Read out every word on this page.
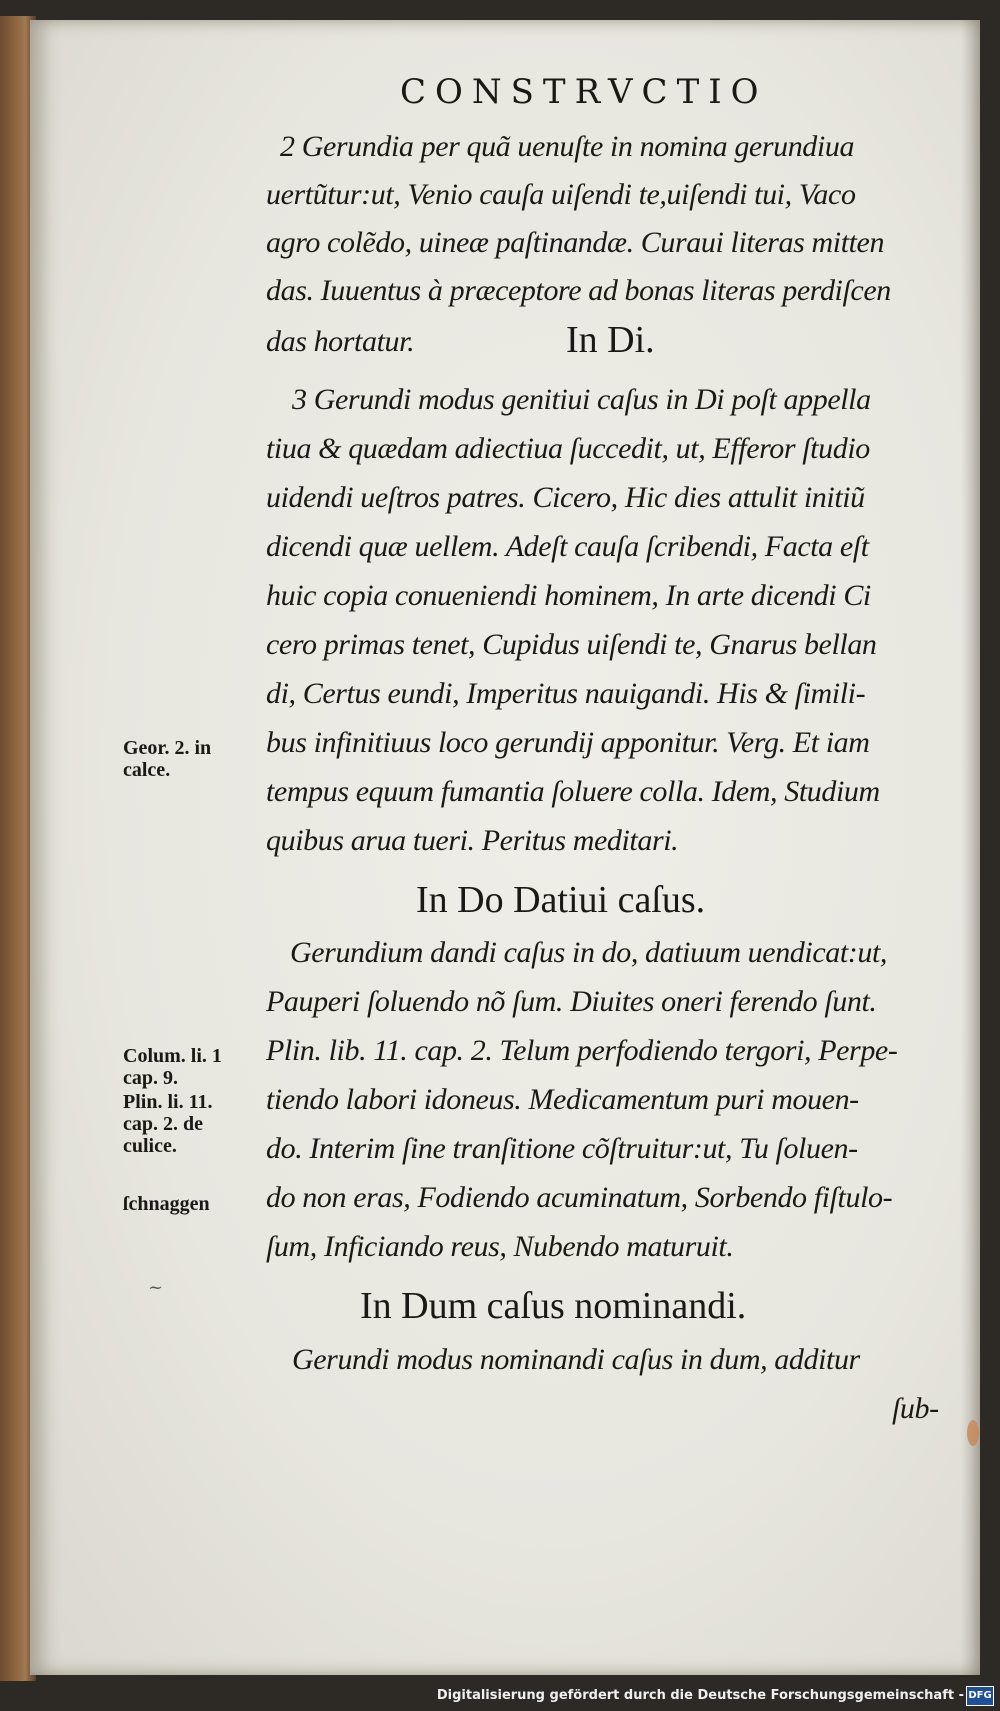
CONSTRVCTIO
2 Gerundia per quã uenuſte in nomina gerundiua
uertũtur:ut, Venio cauſa uiſendi te,uiſendi tui, Vaco
agro colẽdo, uineæ paſtinandæ. Curaui literas mitten
das. Iuuentus à præceptore ad bonas literas perdiſcen
das hortatur.	In Di.
3 Gerundi modus genitiui caſus in Di poſt appella
tiua & quædam adiectiua ſuccedit, ut, Efferor ſtudio
uidendi ueſtros patres. Cicero, Hic dies attulit initiũ
dicendi quæ uellem. Adeſt cauſa ſcribendi, Facta eſt
huic copia conueniendi hominem, In arte dicendi Ci
cero primas tenet, Cupidus uiſendi te, Gnarus bellan
di, Certus eundi, Imperitus nauigandi. His & ſimili-
bus infinitiuus loco gerundij apponitur. Verg. Et iam
tempus equum fumantia ſoluere colla. Idem, Studium
quibus arua tueri. Peritus meditari.
In Do Datiui caſus.
Gerundium dandi caſus in do, datiuum uendicat:ut,
Pauperi ſoluendo nõ ſum. Diuites oneri ferendo ſunt.
Plin. lib. 11. cap. 2. Telum perfodiendo tergori, Perpe-
tiendo labori idoneus. Medicamentum puri mouen-
do. Interim ſine tranſitione cõſtruitur:ut, Tu ſoluen-
do non eras, Fodiendo acuminatum, Sorbendo fiſtulo-
ſum, Inficiando reus, Nubendo maturuit.
In Dum caſus nominandi.
Gerundi modus nominandi caſus in dum, additur
ſub-
Geor. 2. in
calce.
Colum. li. 1
cap. 9.
Plin. li. 11.
cap. 2. de
culice.
ſchnaggen
~
Digitalisierung gefördert durch die Deutsche Forschungsgemeinschaft - DFG
